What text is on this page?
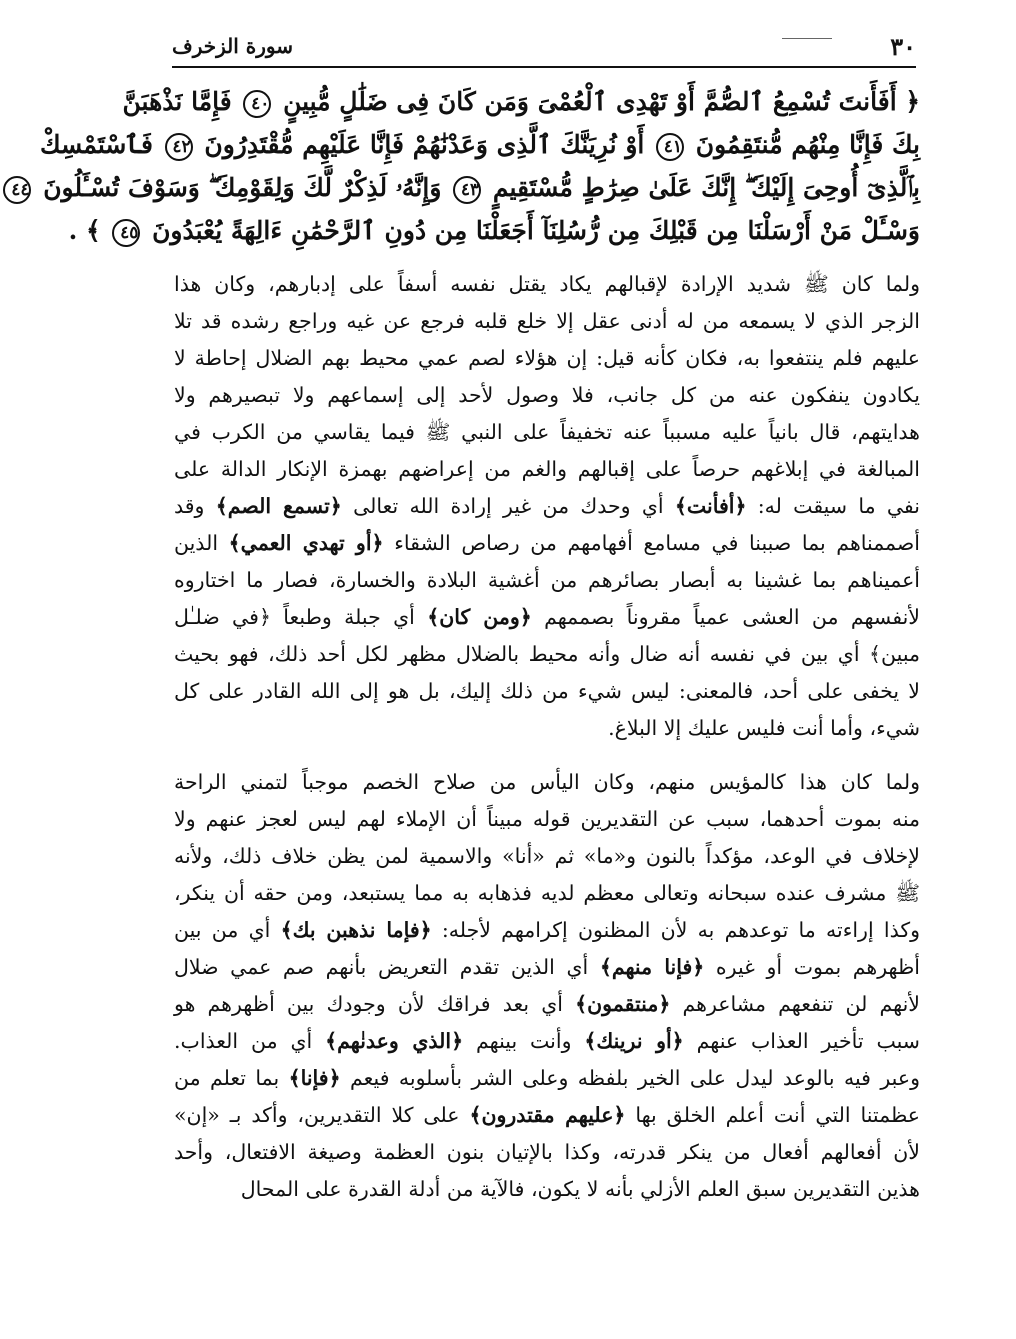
٣٠
سورة الزخرف
﴿ أَفَأَنتَ تُسْمِعُ ٱلصُّمَّ أَوْ تَهْدِى ٱلْعُمْىَ وَمَن كَانَ فِى ضَلَٰلٍ مُّبِينٍ ٤٠ فَإِمَّا نَذْهَبَنَّ
بِكَ فَإِنَّا مِنْهُم مُّنتَقِمُونَ ٤١ أَوْ نُرِيَنَّكَ ٱلَّذِى وَعَدْنَٰهُمْ فَإِنَّا عَلَيْهِم مُّقْتَدِرُونَ ٤٢ فَٱسْتَمْسِكْ
بِٱلَّذِىٓ أُوحِىَ إِلَيْكَ ۖ إِنَّكَ عَلَىٰ صِرَٰطٍ مُّسْتَقِيمٍ ٤٣ وَإِنَّهُۥ لَذِكْرٌ لَّكَ وَلِقَوْمِكَ ۖ وَسَوْفَ تُسْـَٔلُونَ ٤٤
وَسْـَٔلْ مَنْ أَرْسَلْنَا مِن قَبْلِكَ مِن رُّسُلِنَآ أَجَعَلْنَا مِن دُونِ ٱلرَّحْمَٰنِ ءَالِهَةً يُعْبَدُونَ ٤٥ ﴾ .
ولما كان ﷺ شديد الإرادة لإقبالهم يكاد يقتل نفسه أسفاً على إدبارهم، وكان هذا
الزجر الذي لا يسمعه من له أدنى عقل إلا خلع قلبه فرجع عن غيه وراجع رشده قد تلا
عليهم فلم ينتفعوا به، فكان كأنه قيل: إن هؤلاء لصم عمي محيط بهم الضلال إحاطة لا
يكادون ينفكون عنه من كل جانب، فلا وصول لأحد إلى إسماعهم ولا تبصيرهم ولا
هدايتهم، قال بانياً عليه مسبباً عنه تخفيفاً على النبي ﷺ فيما يقاسي من الكرب في
المبالغة في إبلاغهم حرصاً على إقبالهم والغم من إعراضهم بهمزة الإنكار الدالة على
نفي ما سيقت له: ﴿أفأنت﴾ أي وحدك من غير إرادة الله تعالى ﴿تسمع الصم﴾ وقد
أصممناهم بما صببنا في مسامع أفهامهم من رصاص الشقاء ﴿أو تهدي العمي﴾ الذين
أعميناهم بما غشينا به أبصار بصائرهم من أغشية البلادة والخسارة، فصار ما اختاروه
لأنفسهم من العشى عمياً مقروناً بصممهم ﴿ومن كان﴾ أي جبلة وطبعاً ﴿في ضلـٰل
مبين﴾ أي بين في نفسه أنه ضال وأنه محيط بالضلال مظهر لكل أحد ذلك، فهو بحيث
لا يخفى على أحد، فالمعنى: ليس شيء من ذلك إليك، بل هو إلى الله القادر على كل
شيء، وأما أنت فليس عليك إلا البلاغ.
ولما كان هذا كالمؤيس منهم، وكان اليأس من صلاح الخصم موجباً لتمني الراحة
منه بموت أحدهما، سبب عن التقديرين قوله مبيناً أن الإملاء لهم ليس لعجز عنهم ولا
لإخلاف في الوعد، مؤكداً بالنون و«ما» ثم «أنا» والاسمية لمن يظن خلاف ذلك، ولأنه
ﷺ مشرف عنده سبحانه وتعالى معظم لديه فذهابه به مما يستبعد، ومن حقه أن ينكر،
وكذا إراءته ما توعدهم به لأن المظنون إكرامهم لأجله: ﴿فإما نذهبن بك﴾ أي من بين
أظهرهم بموت أو غيره ﴿فإنا منهم﴾ أي الذين تقدم التعريض بأنهم صم عمي ضلال
لأنهم لن تنفعهم مشاعرهم ﴿منتقمون﴾ أي بعد فراقك لأن وجودك بين أظهرهم هو
سبب تأخير العذاب عنهم ﴿أو نرينك﴾ وأنت بينهم ﴿الذي وعدنٰهم﴾ أي من العذاب.
وعبر فيه بالوعد ليدل على الخير بلفظه وعلى الشر بأسلوبه فيعم ﴿فإنا﴾ بما تعلم من
عظمتنا التي أنت أعلم الخلق بها ﴿عليهم مقتدرون﴾ على كلا التقديرين، وأكد بـ «إن»
لأن أفعالهم أفعال من ينكر قدرته، وكذا بالإتيان بنون العظمة وصيغة الافتعال، وأحد
هذين التقديرين سبق العلم الأزلي بأنه لا يكون، فالآية من أدلة القدرة على المحال
